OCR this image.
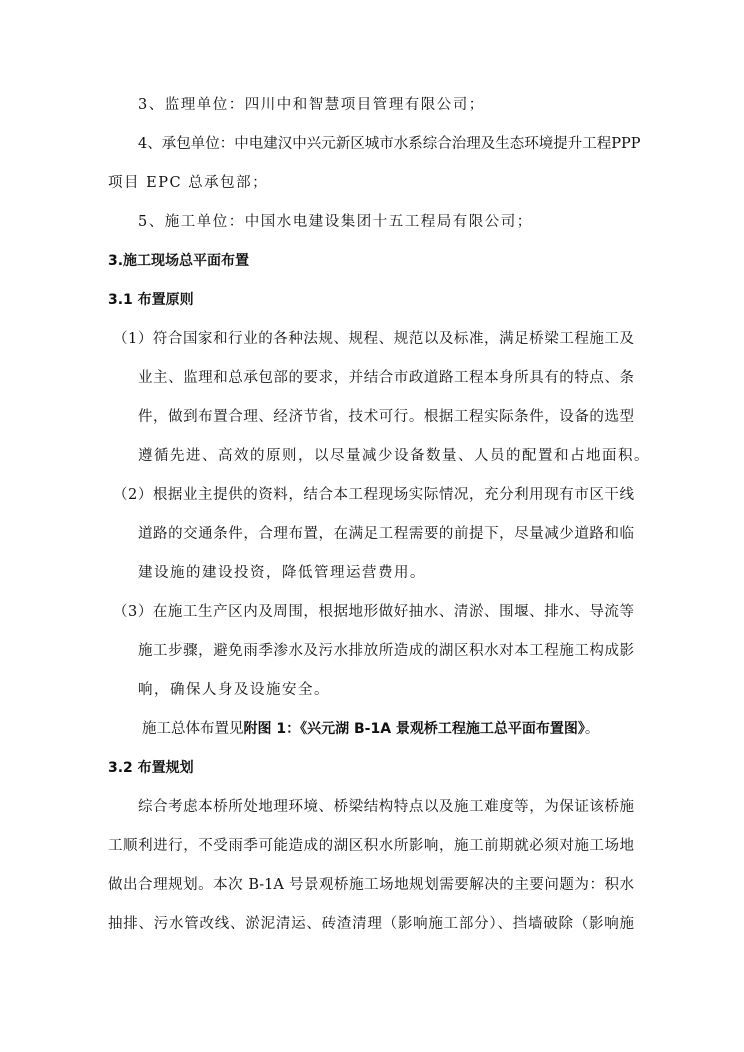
3、监理单位：四川中和智慧项目管理有限公司；
4、承包单位：中电建汉中兴元新区城市水系综合治理及生态环境提升工程PPP
项目 EPC 总承包部；
5、施工单位：中国水电建设集团十五工程局有限公司；
3.施工现场总平面布置
3.1 布置原则
（1）符合国家和行业的各种法规、规程、规范以及标准，满足桥梁工程施工及
业主、监理和总承包部的要求，并结合市政道路工程本身所具有的特点、条
件，做到布置合理、经济节省，技术可行。根据工程实际条件，设备的选型
遵循先进、高效的原则，以尽量减少设备数量、人员的配置和占地面积。
（2）根据业主提供的资料，结合本工程现场实际情况，充分利用现有市区干线
道路的交通条件，合理布置，在满足工程需要的前提下，尽量减少道路和临
建设施的建设投资，降低管理运营费用。
（3）在施工生产区内及周围，根据地形做好抽水、清淤、围堰、排水、导流等
施工步骤，避免雨季渗水及污水排放所造成的湖区积水对本工程施工构成影
响，确保人身及设施安全。
施工总体布置见附图 1：《兴元湖 B-1A 景观桥工程施工总平面布置图》。
3.2 布置规划
综合考虑本桥所处地理环境、桥梁结构特点以及施工难度等，为保证该桥施
工顺利进行，不受雨季可能造成的湖区积水所影响，施工前期就必须对施工场地
做出合理规划。本次 B-1A 号景观桥施工场地规划需要解决的主要问题为：积水
抽排、污水管改线、淤泥清运、砖渣清理（影响施工部分）、挡墙破除（影响施
